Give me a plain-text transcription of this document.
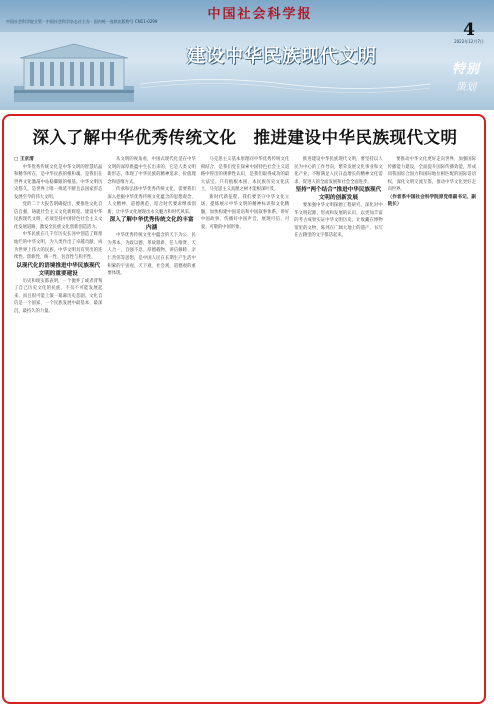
中国社会科学报
中国社会科学院主管 · 中国社会科学杂志社主办 · 国内统一连续出版物号 CN11-0299	4
2022年12月7日
建设中华民族现代文明
特别
策划
深入了解中华优秀传统文化　推进建设中华民族现代文明

□ 王京清

中华优秀传统文化是中华文明的智慧结晶和精华所在，是中华民族的根和魂，是我们在世界文化激荡中站稳脚跟的根基。中华文明历史悠久，是世界上唯一绵延不断且以国家形态发展至今的伟大文明。

党的二十大报告明确提出，要推进文化自信自强，铸就社会主义文化新辉煌。建设中华民族现代文明，必须坚持中国特色社会主义文化发展道路，激发全民族文化创新创造活力。

中华民族在几千年历史长河中创造了辉煌灿烂的中华文明，为人类作出了卓越贡献，成为世界上伟大的民族。中华文明具有突出的连续性、创新性、统一性、包容性与和平性。

以现代化的语境推进中华民族现代文明的重要建设

历史和现实都表明，一个抛弃了或者背叛了自己历史文化的民族，不仅不可能发展起来，而且很可能上演一幕幕历史悲剧。文化自信是一个国家、一个民族发展中最基本、最深沉、最持久的力量。

从文明的视角看，中国式现代化是在中华文明的深厚底蕴中生长出来的，它是人类文明新形态，体现了中华民族的精神追求、价值理念和思维方式。

传承和弘扬中华优秀传统文化，需要我们深入挖掘中华优秀传统文化蕴含的思想观念、人文精神、道德规范，结合时代要求继承创新，让中华文化展现出永久魅力和时代风采。

深入了解中华优秀传统文化的丰富内涵

中华优秀传统文化中蕴含的天下为公、民为邦本、为政以德、革故鼎新、任人唯贤、天人合一、自强不息、厚德载物、讲信修睦、亲仁善邻等思想，是中国人民在长期生产生活中积累的宇宙观、天下观、社会观、道德观的重要体现。

马克思主义基本原理同中华优秀传统文化相结合，是我们党在探索中国特色社会主义道路中得出的规律性认识，是我们取得成功的最大法宝。只有植根本国、本民族历史文化沃土，马克思主义真理之树才能根深叶茂。

新时代新征程，我们要坚守中华文化立场，提炼展示中华文明的精神标识和文化精髓，加快构建中国话语和中国叙事体系，讲好中国故事、传播好中国声音，展现可信、可爱、可敬的中国形象。

推进建设中华民族现代文明，要坚持以人民为中心的工作导向，繁荣发展文化事业和文化产业，不断满足人民日益增长的精神文化需求，促进人的全面发展和社会全面进步。

坚持“两个结合”推进中华民族现代文明的创新发展

要加强中华文明探源工程研究，深化对中华文明起源、形成和发展的认识，以更加丰富的考古成果实证中华文明历史，让收藏在博物馆里的文物、陈列在广阔大地上的遗产、书写在古籍里的文字都活起来。

要推动中华文化更好走向世界，加强国际传播能力建设，全面提升国际传播效能，形成同我国综合国力和国际地位相匹配的国际话语权，深化文明交流互鉴，推动中华文化更好走向世界。

（作者系中国社会科学院原党组副书记、副院长）
